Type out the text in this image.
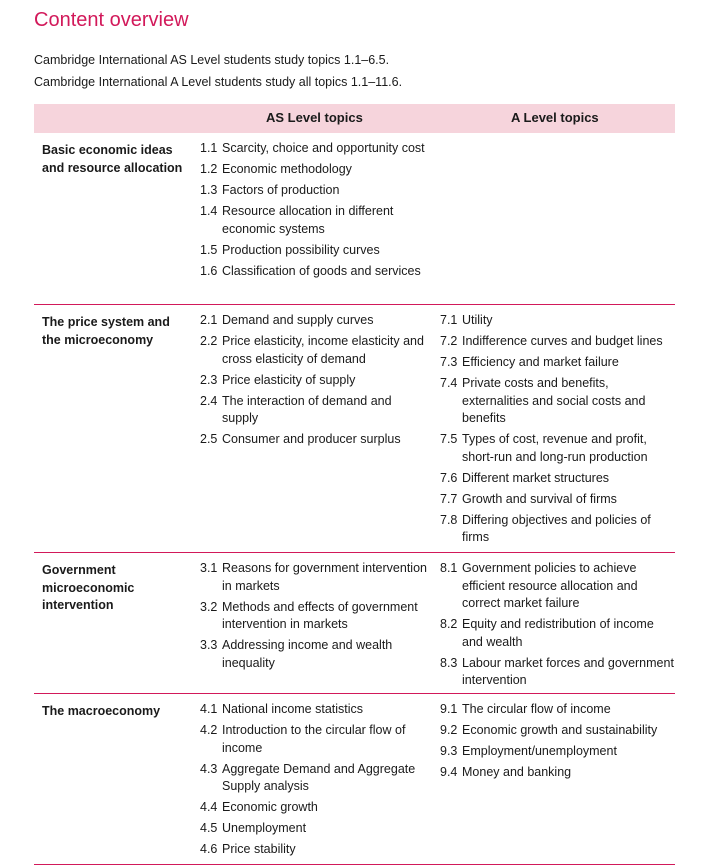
Content overview
Cambridge International AS Level students study topics 1.1–6.5.
Cambridge International A Level students study all topics 1.1–11.6.
AS Level topics	A Level topics
Basic economic ideas and resource allocation
1.1 Scarcity, choice and opportunity cost
1.2 Economic methodology
1.3 Factors of production
1.4 Resource allocation in different economic systems
1.5 Production possibility curves
1.6 Classification of goods and services
The price system and the microeconomy
2.1 Demand and supply curves
2.2 Price elasticity, income elasticity and cross elasticity of demand
2.3 Price elasticity of supply
2.4 The interaction of demand and supply
2.5 Consumer and producer surplus
7.1 Utility
7.2 Indifference curves and budget lines
7.3 Efficiency and market failure
7.4 Private costs and benefits, externalities and social costs and benefits
7.5 Types of cost, revenue and profit, short-run and long-run production
7.6 Different market structures
7.7 Growth and survival of firms
7.8 Differing objectives and policies of firms
Government microeconomic intervention
3.1 Reasons for government intervention in markets
3.2 Methods and effects of government intervention in markets
3.3 Addressing income and wealth inequality
8.1 Government policies to achieve efficient resource allocation and correct market failure
8.2 Equity and redistribution of income and wealth
8.3 Labour market forces and government intervention
The macroeconomy	4.1 National income statistics
4.2 Introduction to the circular flow of income
4.3 Aggregate Demand and Aggregate Supply analysis
4.4 Economic growth
4.5 Unemployment
4.6 Price stability
9.1 The circular flow of income
9.2 Economic growth and sustainability
9.3 Employment/unemployment
9.4 Money and banking
